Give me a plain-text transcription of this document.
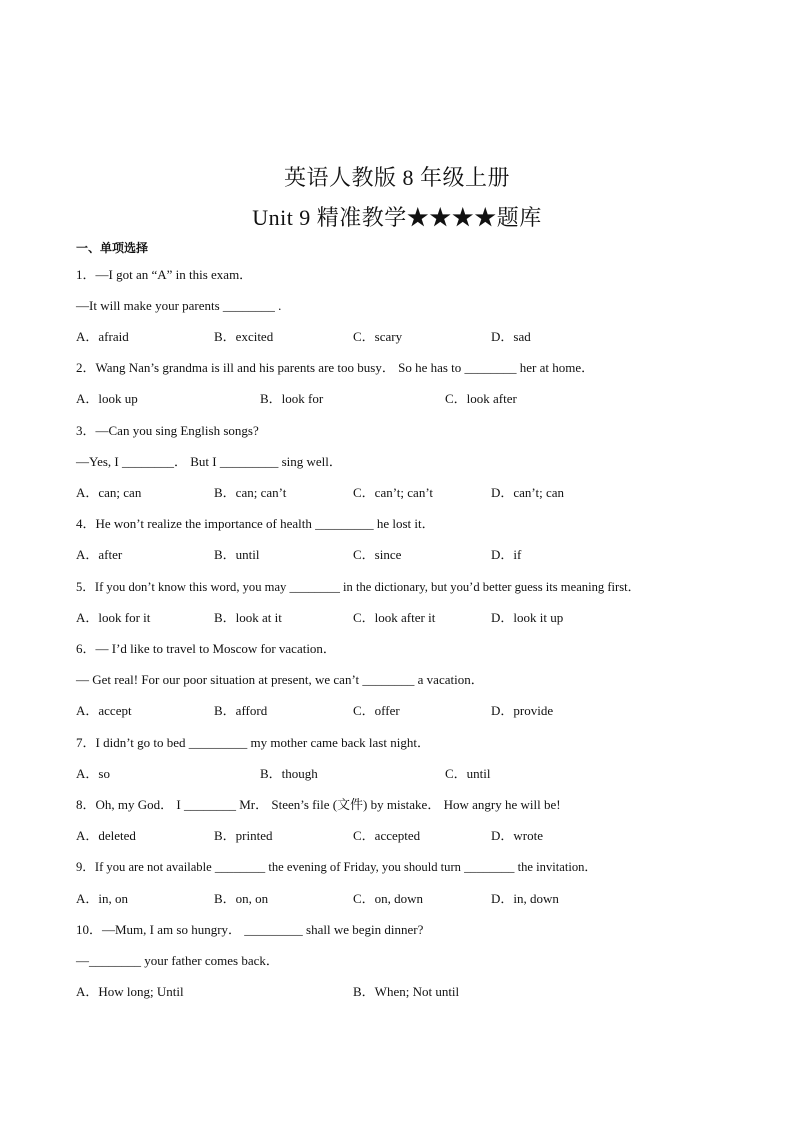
英语人教版 8 年级上册
Unit 9 精准教学★★★★题库
一、单项选择
1．—I got an “A” in this exam．
—It will make your parents ________ .
A．afraid	B．excited	C．scary	D．sad
2．Wang Nan’s grandma is ill and his parents are too busy． So he has to ________ her at home．
A．look up	B．look for	C．look after
3．—Can you sing English songs?
—Yes, I ________． But I _________ sing well．
A．can; can	B．can; can’t	C．can’t; can’t	D．can’t; can
4．He won’t realize the importance of health _________ he lost it．
A．after	B．until	C．since	D．if
5．If you don’t know this word, you may ________ in the dictionary, but you’d better guess its meaning first．
A．look for it	B．look at it	C．look after it	D．look it up
6．— I’d like to travel to Moscow for vacation．
— Get real! For our poor situation at present, we can’t ________ a vacation．
A．accept	B．afford	C．offer	D．provide
7．I didn’t go to bed _________ my mother came back last night．
A．so	B．though	C．until
8．Oh, my God． I ________ Mr． Steen’s file (文件) by mistake． How angry he will be!
A．deleted	B．printed	C．accepted	D．wrote
9．If you are not available ________ the evening of Friday, you should turn ________ the invitation．
A．in, on	B．on, on	C．on, down	D．in, down
10．—Mum, I am so hungry． _________ shall we begin dinner?
—________ your father comes back．
A．How long; Until	B．When; Not until
